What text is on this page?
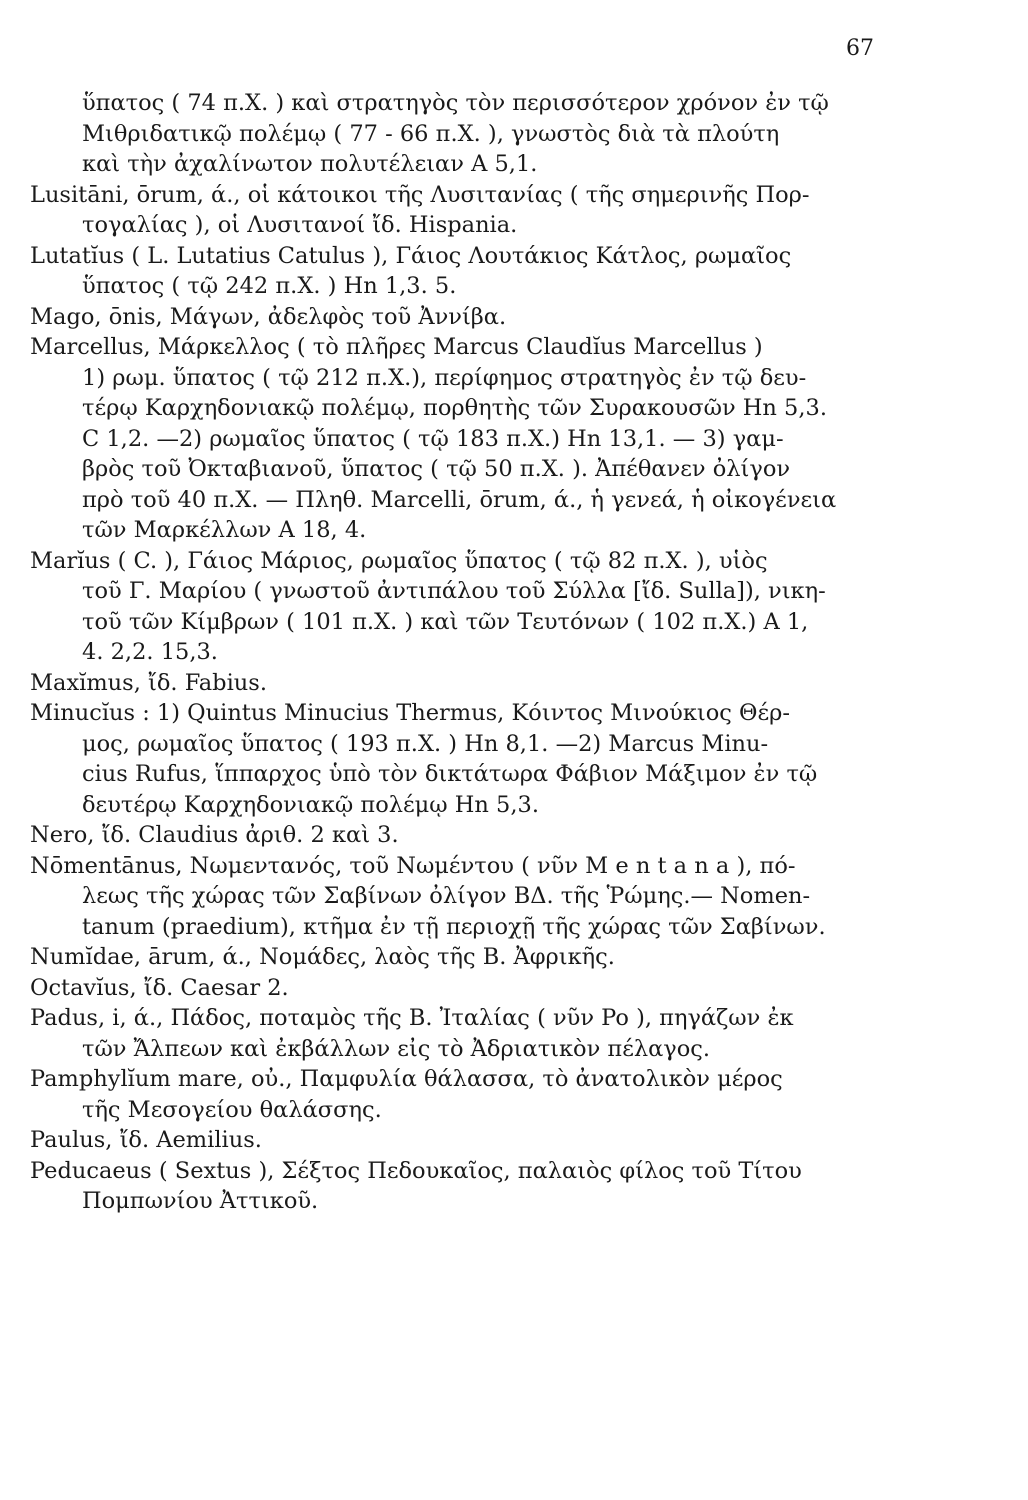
67
ὕπατος ( 74 π.Χ. ) καὶ στρατηγὸς τὸν περισσότερον χρόνον ἐν τῷ
Μιθριδατικῷ πολέμῳ ( 77 - 66 π.Χ. ), γνωστὸς διὰ τὰ πλούτη
καὶ τὴν ἀχαλίνωτον πολυτέλειαν Α 5,1.
Lusitāni, ōrum, ά., οἱ κάτοικοι τῆς Λυσιτανίας ( τῆς σημερινῆς Πορ-
τογαλίας ), οἱ Λυσιτανοί ἴδ. Hispania.
Lutatĭus ( L. Lutatius Catulus ), Γάιος Λουτάκιος Κάτλος, ρωμαῖος
ὕπατος ( τῷ 242 π.Χ. ) Hn 1,3. 5.
Mago, ōnis, Μάγων, ἀδελφὸς τοῦ Ἀννίβα.
Marcellus, Μάρκελλος ( τὸ πλῆρες Marcus Claudĭus Marcellus )
1) ρωμ. ὕπατος ( τῷ 212 π.Χ.), περίφημος στρατηγὸς ἐν τῷ δευ-
τέρῳ Καρχηδονιακῷ πολέμῳ, πορθητὴς τῶν Συρακουσῶν Hn 5,3.
C 1,2. —2) ρωμαῖος ὕπατος ( τῷ 183 π.Χ.) Hn 13,1. — 3) γαμ-
βρὸς τοῦ Ὀκταβιανοῦ, ὕπατος ( τῷ 50 π.Χ. ). Ἀπέθανεν ὀλίγον
πρὸ τοῦ 40 π.Χ. — Πληθ. Marcelli, ōrum, ά., ἡ γενεά, ἡ οἰκογένεια
τῶν Μαρκέλλων Α 18, 4.
Marĭus ( C. ), Γάιος Μάριος, ρωμαῖος ὕπατος ( τῷ 82 π.Χ. ), υἱὸς
τοῦ Γ. Μαρίου ( γνωστοῦ ἀντιπάλου τοῦ Σύλλα [ἴδ. Sulla]), νικη-
τοῦ τῶν Κίμβρων ( 101 π.Χ. ) καὶ τῶν Τευτόνων ( 102 π.Χ.) Α 1,
4. 2,2. 15,3.
Maxĭmus, ἴδ. Fabius.
Minucĭus : 1) Quintus Minucius Thermus, Κόιντος Μινούκιος Θέρ-
μος, ρωμαῖος ὕπατος ( 193 π.Χ. ) Hn 8,1. —2) Marcus Minu-
cius Rufus, ἵππαρχος ὑπὸ τὸν δικτάτωρα Φάβιον Μάξιμον ἐν τῷ
δευτέρῳ Καρχηδονιακῷ πολέμῳ Hn 5,3.
Nero, ἴδ. Claudius ἀριθ. 2 καὶ 3.
Nōmentānus, Νωμεντανός, τοῦ Νωμέντου ( νῦν M e n t a n a ), πό-
λεως τῆς χώρας τῶν Σαβίνων ὀλίγον ΒΔ. τῆς Ῥώμης.— Nomen-
tanum (praedium), κτῆμα ἐν τῇ περιοχῇ τῆς χώρας τῶν Σαβίνων.
Numĭdae, ārum, ά., Νομάδες, λαὸς τῆς Β. Ἀφρικῆς.
Octavĭus, ἴδ. Caesar 2.
Padus, i, ά., Πάδος, ποταμὸς τῆς Β. Ἰταλίας ( νῦν Po ), πηγάζων ἐκ
τῶν Ἄλπεων καὶ ἐκβάλλων εἰς τὸ Ἀδριατικὸν πέλαγος.
Pamphylĭum mare, οὐ., Παμφυλία θάλασσα, τὸ ἀνατολικὸν μέρος
τῆς Μεσογείου θαλάσσης.
Paulus, ἴδ. Aemilius.
Peducaeus ( Sextus ), Σέξτος Πεδουκαῖος, παλαιὸς φίλος τοῦ Τίτου
Πομπωνίου Ἀττικοῦ.
